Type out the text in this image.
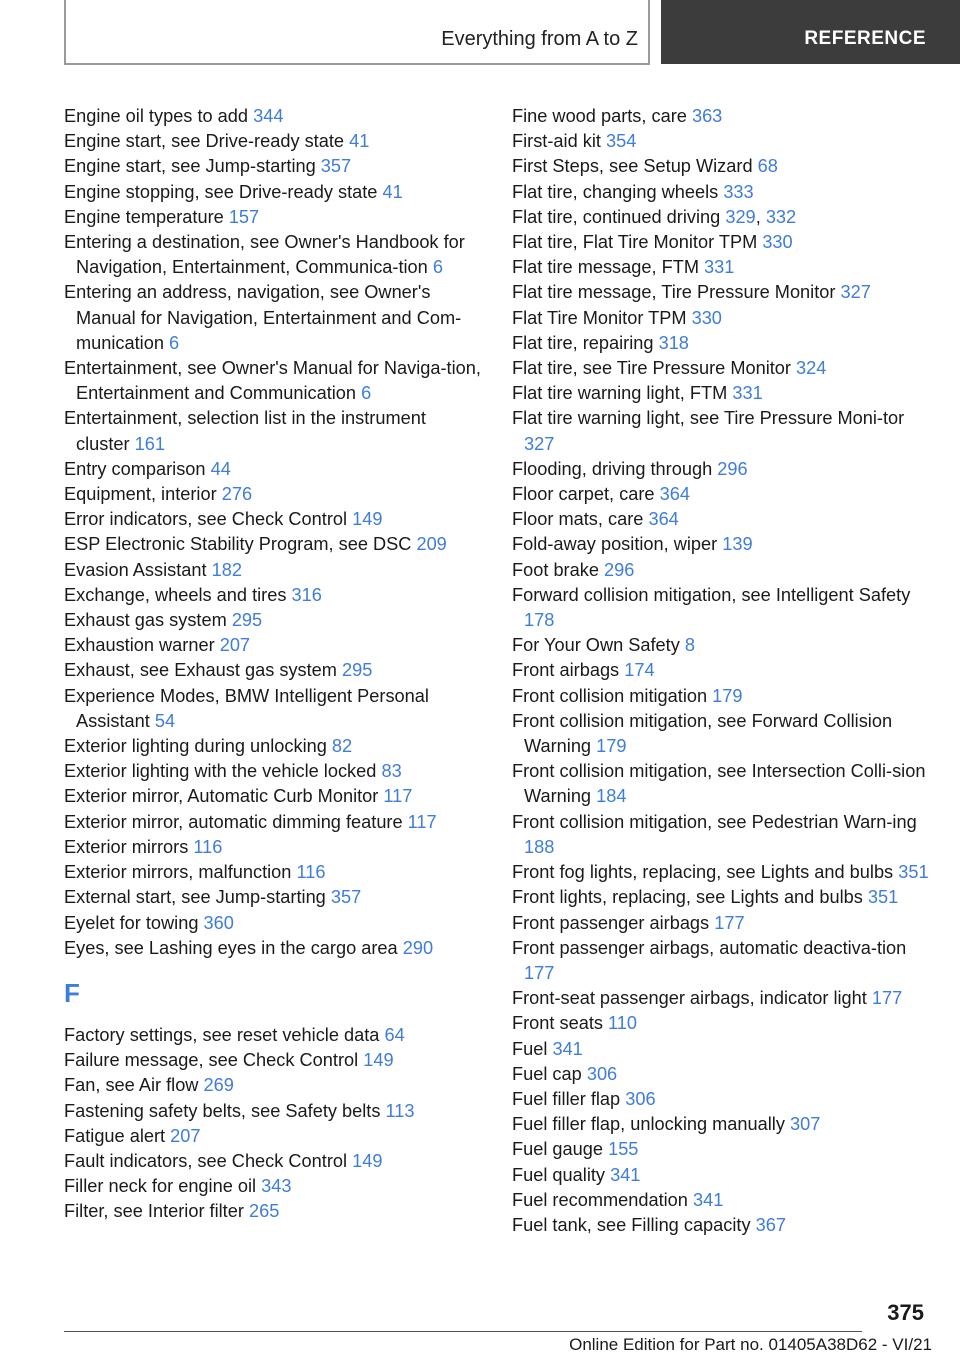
Everything from A to Z	REFERENCE
Engine oil types to add 344
Engine start, see Drive-ready state 41
Engine start, see Jump-starting 357
Engine stopping, see Drive-ready state 41
Engine temperature 157
Entering a destination, see Owner's Handbook for Navigation, Entertainment, Communica-tion 6
Entering an address, navigation, see Owner's Manual for Navigation, Entertainment and Com-munication 6
Entertainment, see Owner's Manual for Naviga-tion, Entertainment and Communication 6
Entertainment, selection list in the instrument cluster 161
Entry comparison 44
Equipment, interior 276
Error indicators, see Check Control 149
ESP Electronic Stability Program, see DSC 209
Evasion Assistant 182
Exchange, wheels and tires 316
Exhaust gas system 295
Exhaustion warner 207
Exhaust, see Exhaust gas system 295
Experience Modes, BMW Intelligent Personal Assistant 54
Exterior lighting during unlocking 82
Exterior lighting with the vehicle locked 83
Exterior mirror, Automatic Curb Monitor 117
Exterior mirror, automatic dimming feature 117
Exterior mirrors 116
Exterior mirrors, malfunction 116
External start, see Jump-starting 357
Eyelet for towing 360
Eyes, see Lashing eyes in the cargo area 290
F
Factory settings, see reset vehicle data 64
Failure message, see Check Control 149
Fan, see Air flow 269
Fastening safety belts, see Safety belts 113
Fatigue alert 207
Fault indicators, see Check Control 149
Filler neck for engine oil 343
Filter, see Interior filter 265
Fine wood parts, care 363
First-aid kit 354
First Steps, see Setup Wizard 68
Flat tire, changing wheels 333
Flat tire, continued driving 329, 332
Flat tire, Flat Tire Monitor TPM 330
Flat tire message, FTM 331
Flat tire message, Tire Pressure Monitor 327
Flat Tire Monitor TPM 330
Flat tire, repairing 318
Flat tire, see Tire Pressure Monitor 324
Flat tire warning light, FTM 331
Flat tire warning light, see Tire Pressure Moni-tor 327
Flooding, driving through 296
Floor carpet, care 364
Floor mats, care 364
Fold-away position, wiper 139
Foot brake 296
Forward collision mitigation, see Intelligent Safety 178
For Your Own Safety 8
Front airbags 174
Front collision mitigation 179
Front collision mitigation, see Forward Collision Warning 179
Front collision mitigation, see Intersection Colli-sion Warning 184
Front collision mitigation, see Pedestrian Warn-ing 188
Front fog lights, replacing, see Lights and bulbs 351
Front lights, replacing, see Lights and bulbs 351
Front passenger airbags 177
Front passenger airbags, automatic deactiva-tion 177
Front-seat passenger airbags, indicator light 177
Front seats 110
Fuel 341
Fuel cap 306
Fuel filler flap 306
Fuel filler flap, unlocking manually 307
Fuel gauge 155
Fuel quality 341
Fuel recommendation 341
Fuel tank, see Filling capacity 367
375
Online Edition for Part no. 01405A38D62 - VI/21
